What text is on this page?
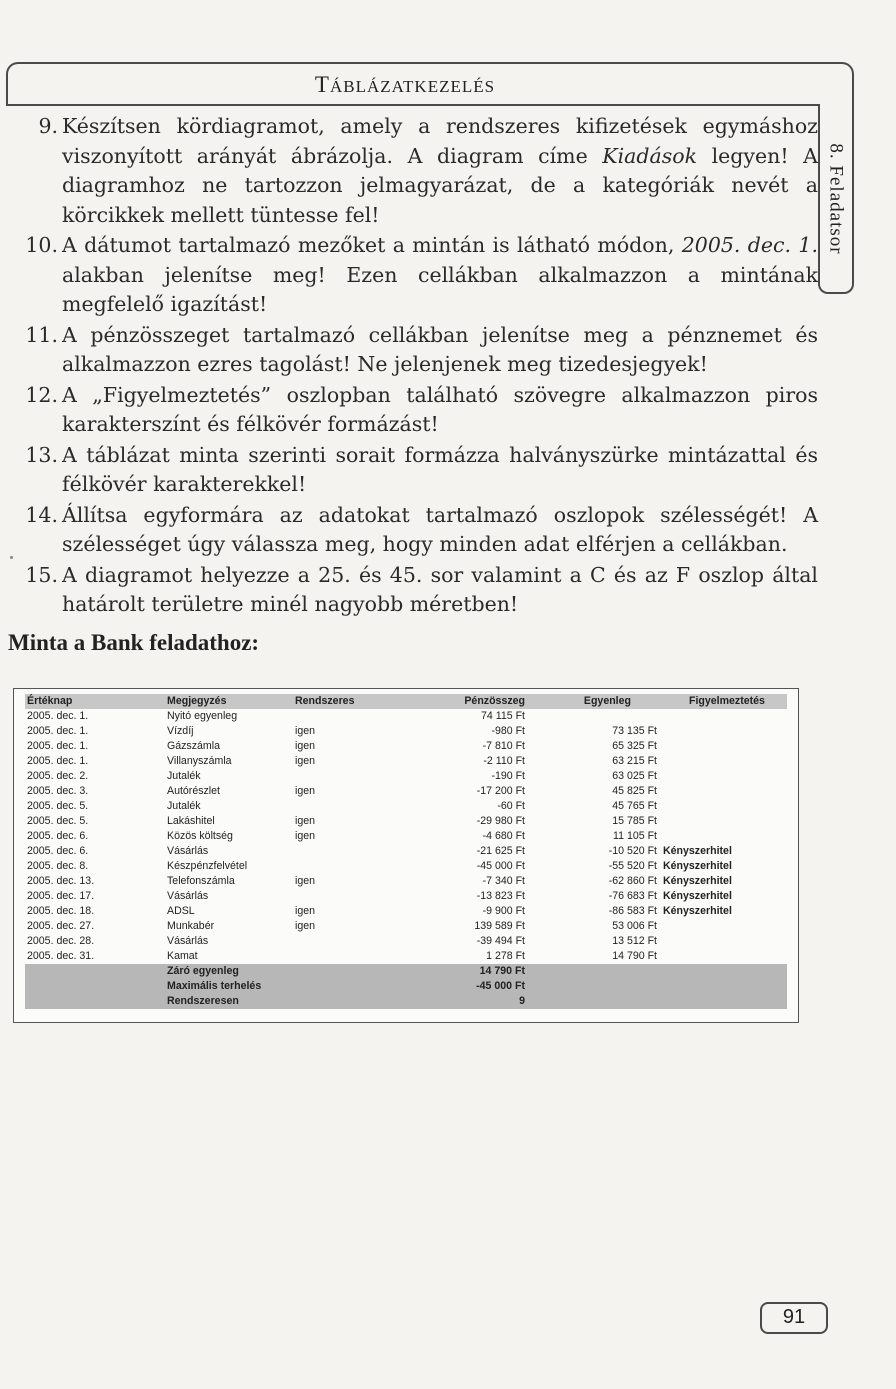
TÁBLÁZATKEZELÉS
8. Feladatsor
9. Készítsen kördiagramot, amely a rendszeres kifizetések egymáshoz viszonyított arányát ábrázolja. A diagram címe Kiadások legyen! A diagramhoz ne tartozzon jelmagyarázat, de a kategóriák nevét a körcikkek mellett tüntesse fel!
10. A dátumot tartalmazó mezőket a mintán is látható módon, 2005. dec. 1. alakban jelenítse meg! Ezen cellákban alkalmazzon a mintának megfelelő igazítást!
11. A pénzösszeget tartalmazó cellákban jelenítse meg a pénznemet és alkalmazzon ezres tagolást! Ne jelenjenek meg tizedesjegyek!
12. A „Figyelmeztetés” oszlopban található szövegre alkalmazzon piros karakterszínt és félkövér formázást!
13. A táblázat minta szerinti sorait formázza halványszürke mintázattal és félkövér karakterekkel!
14. Állítsa egyformára az adatokat tartalmazó oszlopok szélességét! A szélességet úgy válassza meg, hogy minden adat elférjen a cellákban.
15. A diagramot helyezze a 25. és 45. sor valamint a C és az F oszlop által határolt területre minél nagyobb méretben!
Minta a Bank feladathoz:
Értéknap	Megjegyzés	Rendszeres	Pénzösszeg	Egyenleg	Figyelmeztetés
2005. dec. 1.	Nyitó egyenleg		74 115 Ft		
2005. dec. 1.	Vízdíj	igen	-980 Ft	73 135 Ft	
2005. dec. 1.	Gázszámla	igen	-7 810 Ft	65 325 Ft	
2005. dec. 1.	Villanyszámla	igen	-2 110 Ft	63 215 Ft	
2005. dec. 2.	Jutalék		-190 Ft	63 025 Ft	
2005. dec. 3.	Autórészlet	igen	-17 200 Ft	45 825 Ft	
2005. dec. 5.	Jutalék		-60 Ft	45 765 Ft	
2005. dec. 5.	Lakáshitel	igen	-29 980 Ft	15 785 Ft	
2005. dec. 6.	Közös költség	igen	-4 680 Ft	11 105 Ft	
2005. dec. 6.	Vásárlás		-21 625 Ft	-10 520 Ft	Kényszerhitel
2005. dec. 8.	Készpénzfelvétel		-45 000 Ft	-55 520 Ft	Kényszerhitel
2005. dec. 13.	Telefonszámla	igen	-7 340 Ft	-62 860 Ft	Kényszerhitel
2005. dec. 17.	Vásárlás		-13 823 Ft	-76 683 Ft	Kényszerhitel
2005. dec. 18.	ADSL	igen	-9 900 Ft	-86 583 Ft	Kényszerhitel
2005. dec. 27.	Munkabér	igen	139 589 Ft	53 006 Ft	
2005. dec. 28.	Vásárlás		-39 494 Ft	13 512 Ft	
2005. dec. 31.	Kamat		1 278 Ft	14 790 Ft	
	Záró egyenleg		14 790 Ft		
	Maximális terhelés		-45 000 Ft		
	Rendszeresen		9		
91
